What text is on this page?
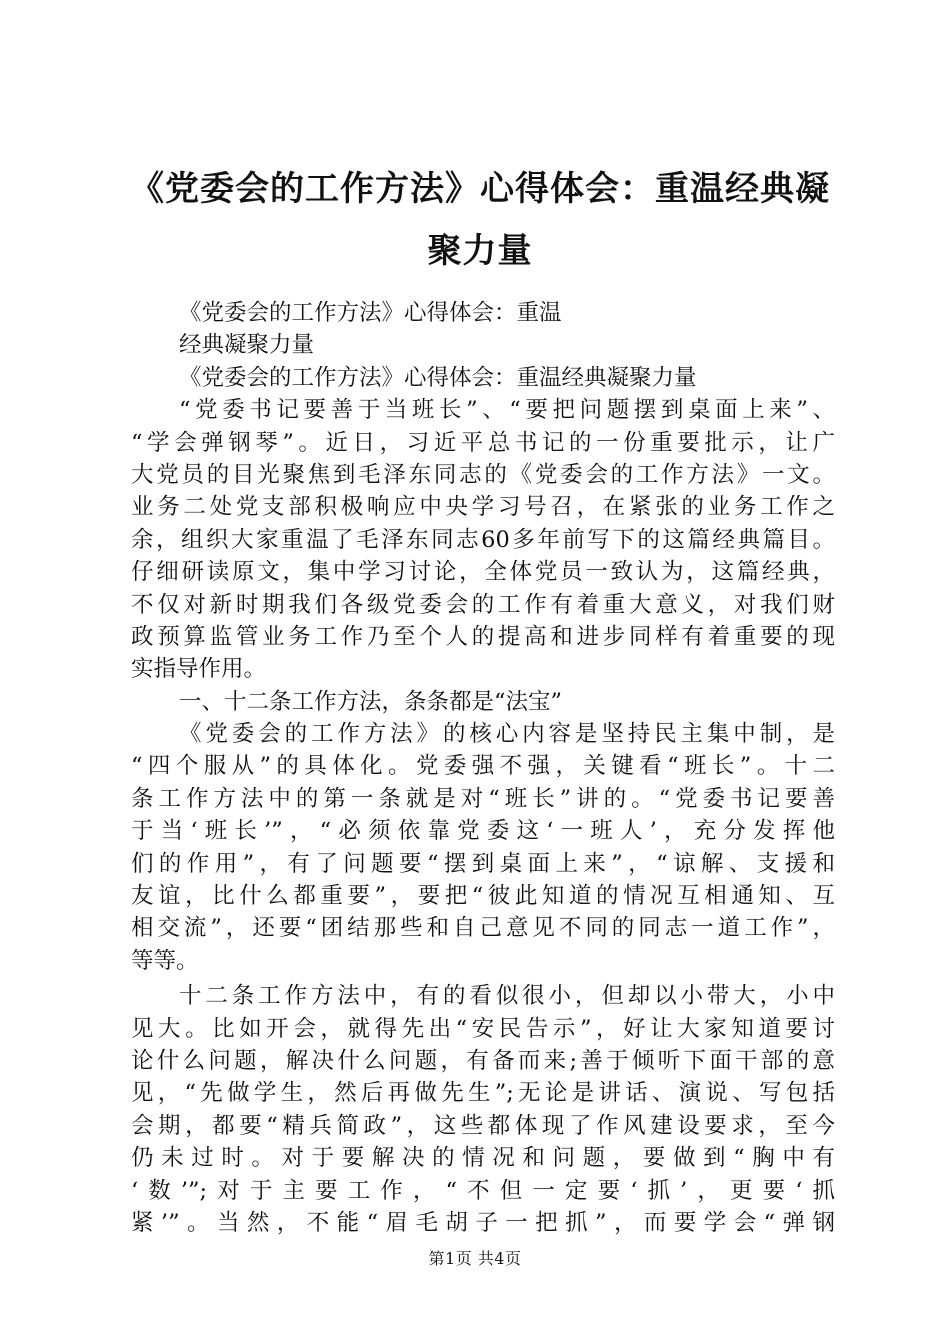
《党委会的工作方法》心得体会：重温经典凝
聚力量
《党委会的工作方法》心得体会：重温
经典凝聚力量
《党委会的工作方法》心得体会：重温经典凝聚力量
“党委书记要善于当班长”、“要把问题摆到桌面上来”、
“学会弹钢琴”。近日，习近平总书记的一份重要批示，让广
大党员的目光聚焦到毛泽东同志的《党委会的工作方法》一文。
业务二处党支部积极响应中央学习号召，在紧张的业务工作之
余，组织大家重温了毛泽东同志60多年前写下的这篇经典篇目。
仔细研读原文，集中学习讨论，全体党员一致认为，这篇经典，
不仅对新时期我们各级党委会的工作有着重大意义，对我们财
政预算监管业务工作乃至个人的提高和进步同样有着重要的现
实指导作用。
一、十二条工作方法，条条都是“法宝”
《党委会的工作方法》的核心内容是坚持民主集中制，是
“四个服从”的具体化。党委强不强，关键看“班长”。十二
条工作方法中的第一条就是对“班长”讲的。“党委书记要善
于当‘班长’”，“必须依靠党委这‘一班人’，充分发挥他
们的作用”，有了问题要“摆到桌面上来”，“谅解、支援和
友谊，比什么都重要”，要把“彼此知道的情况互相通知、互
相交流”，还要“团结那些和自己意见不同的同志一道工作”，
等等。
十二条工作方法中，有的看似很小，但却以小带大，小中
见大。比如开会，就得先出“安民告示”，好让大家知道要讨
论什么问题，解决什么问题，有备而来;善于倾听下面干部的意
见，“先做学生，然后再做先生”;无论是讲话、演说、写包括
会期，都要“精兵简政”，这些都体现了作风建设要求，至今
仍未过时。对于要解决的情况和问题，要做到“胸中有
‘数’”;对于主要工作，“不但一定要‘抓’，更要‘抓
紧’”。当然，不能“眉毛胡子一把抓”，而要学会“弹钢
第1页 共4页
